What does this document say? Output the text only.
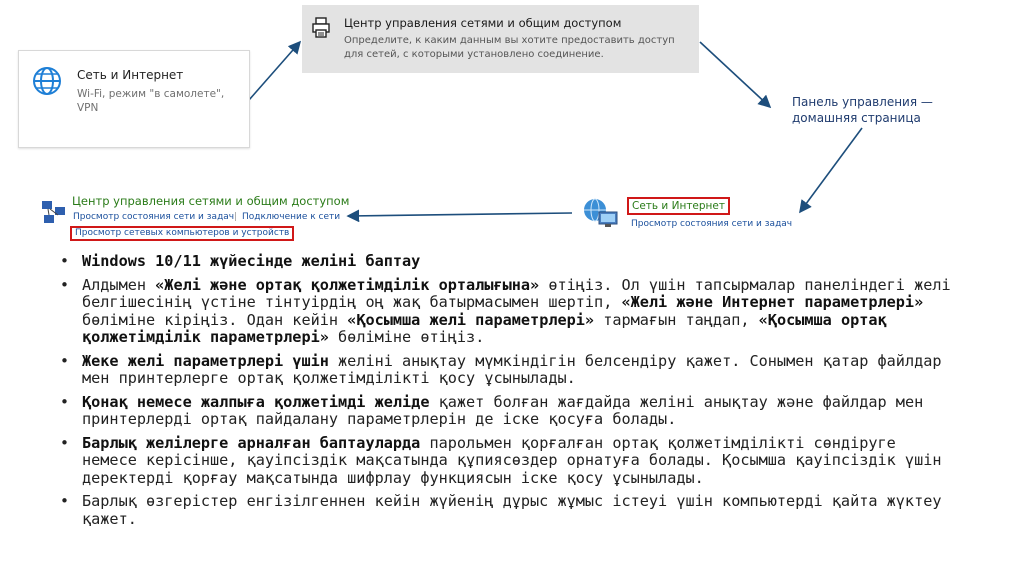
Сеть и Интернет
Wi-Fi, режим "в самолете", VPN
Центр управления сетями и общим доступом
Определите, к каким данным вы хотите предоставить доступ для сетей, с которыми установлено соединение.
Панель управления — домашняя страница
Центр управления сетями и общим доступом
Просмотр состояния сети и задач | Подключение к сети
Просмотр сетевых компьютеров и устройств
Сеть и Интернет
Просмотр состояния сети и задач
• Windows 10/11 жүйесінде желіні баптау
• Алдымен «Желі және ортақ қолжетімділік орталығына» өтіңіз. Ол үшін тапсырмалар панеліндегі желі белгішесінің үстіне тінтуірдің оң жақ батырмасымен шертіп, «Желі және Интернет параметрлері» бөліміне кіріңіз. Одан кейін «Қосымша желі параметрлері» тармағын таңдап, «Қосымша ортақ қолжетімділік параметрлері» бөліміне өтіңіз.
• Жеке желі параметрлері үшін желіні анықтау мүмкіндігін белсендіру қажет. Сонымен қатар файлдар мен принтерлерге ортақ қолжетімділікті қосу ұсынылады.
• Қонақ немесе жалпыға қолжетімді желіде қажет болған жағдайда желіні анықтау және файлдар мен принтерлерді ортақ пайдалану параметрлерін де іске қосуға болады.
• Барлық желілерге арналған баптауларда парольмен қорғалған ортақ қолжетімділікті сөндіруге немесе керісінше, қауіпсіздік мақсатында құпиясөздер орнатуға болады. Қосымша қауіпсіздік үшін деректерді қорғау мақсатында шифрлау функциясын іске қосу ұсынылады.
• Барлық өзгерістер енгізілгеннен кейін жүйенің дұрыс жұмыс істеуі үшін компьютерді қайта жүктеу қажет.
